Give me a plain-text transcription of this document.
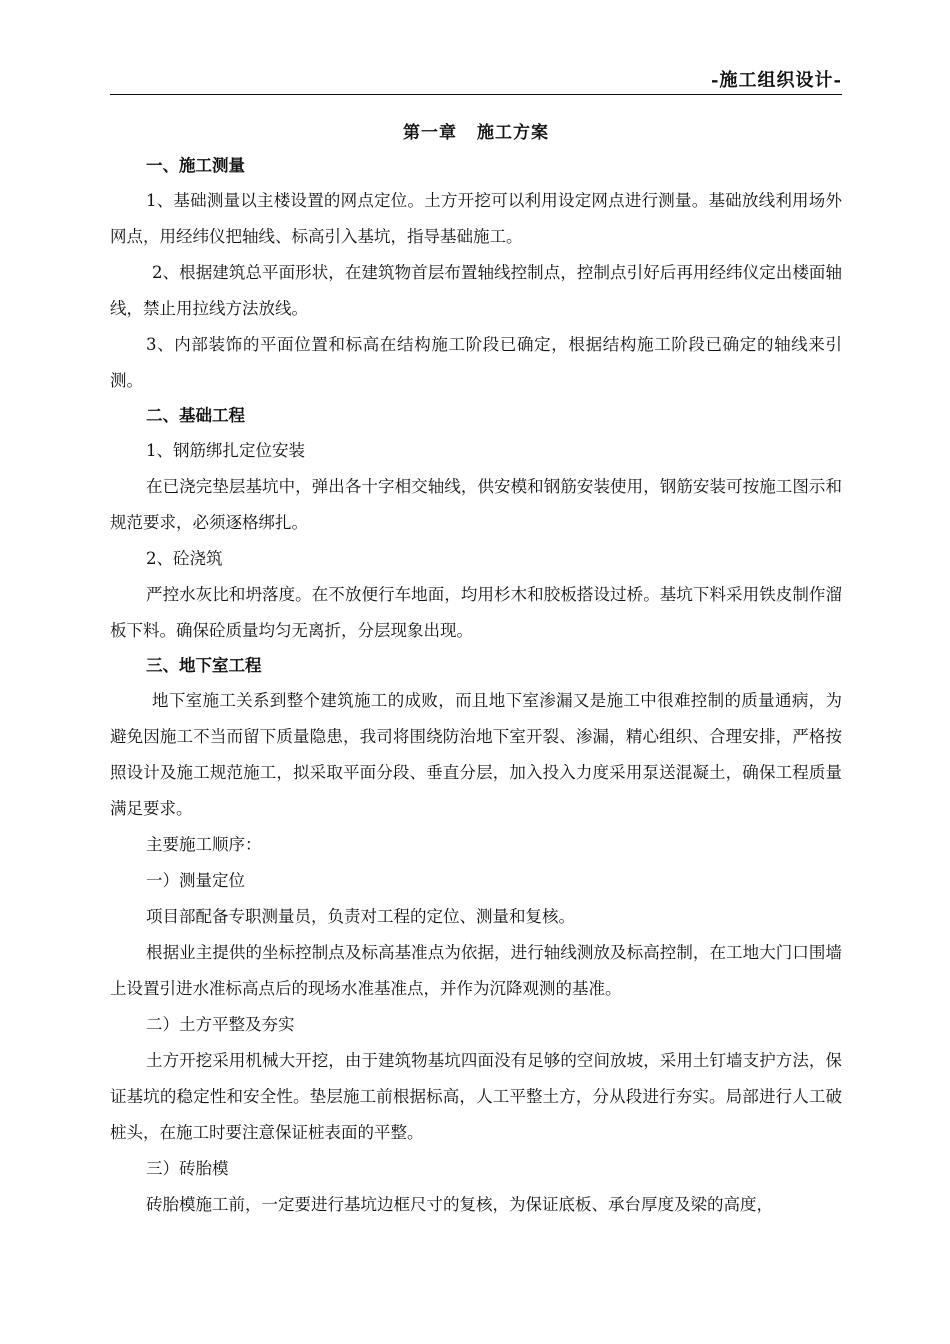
-施工组织设计-
第一章 施工方案
一、施工测量

1、基础测量以主楼设置的网点定位。土方开挖可以利用设定网点进行测量。基础放线利用场外网点，用经纬仪把轴线、标高引入基坑，指导基础施工。

2、根据建筑总平面形状，在建筑物首层布置轴线控制点，控制点引好后再用经纬仪定出楼面轴线，禁止用拉线方法放线。

3、内部装饰的平面位置和标高在结构施工阶段已确定，根据结构施工阶段已确定的轴线来引测。

二、基础工程
1、钢筋绑扎定位安装

在已浇完垫层基坑中，弹出各十字相交轴线，供安模和钢筋安装使用，钢筋安装可按施工图示和规范要求，必须逐格绑扎。

2、砼浇筑

严控水灰比和坍落度。在不放便行车地面，均用杉木和胶板搭设过桥。基坑下料采用铁皮制作溜板下料。确保砼质量均匀无离折，分层现象出现。

三、地下室工程

地下室施工关系到整个建筑施工的成败，而且地下室渗漏又是施工中很难控制的质量通病，为避免因施工不当而留下质量隐患，我司将围绕防治地下室开裂、渗漏，精心组织、合理安排，严格按照设计及施工规范施工，拟采取平面分段、垂直分层，加入投入力度采用泵送混凝土，确保工程质量满足要求。

主要施工顺序：
一）测量定位

项目部配备专职测量员，负责对工程的定位、测量和复核。

根据业主提供的坐标控制点及标高基准点为依据，进行轴线测放及标高控制，在工地大门口围墙上设置引进水准标高点后的现场水准基准点，并作为沉降观测的基准。

二）土方平整及夯实

土方开挖采用机械大开挖，由于建筑物基坑四面没有足够的空间放坡，采用土钉墙支护方法，保证基坑的稳定性和安全性。垫层施工前根据标高，人工平整土方，分从段进行夯实。局部进行人工破桩头，在施工时要注意保证桩表面的平整。

三）砖胎模

砖胎模施工前，一定要进行基坑边框尺寸的复核，为保证底板、承台厚度及梁的高度，
